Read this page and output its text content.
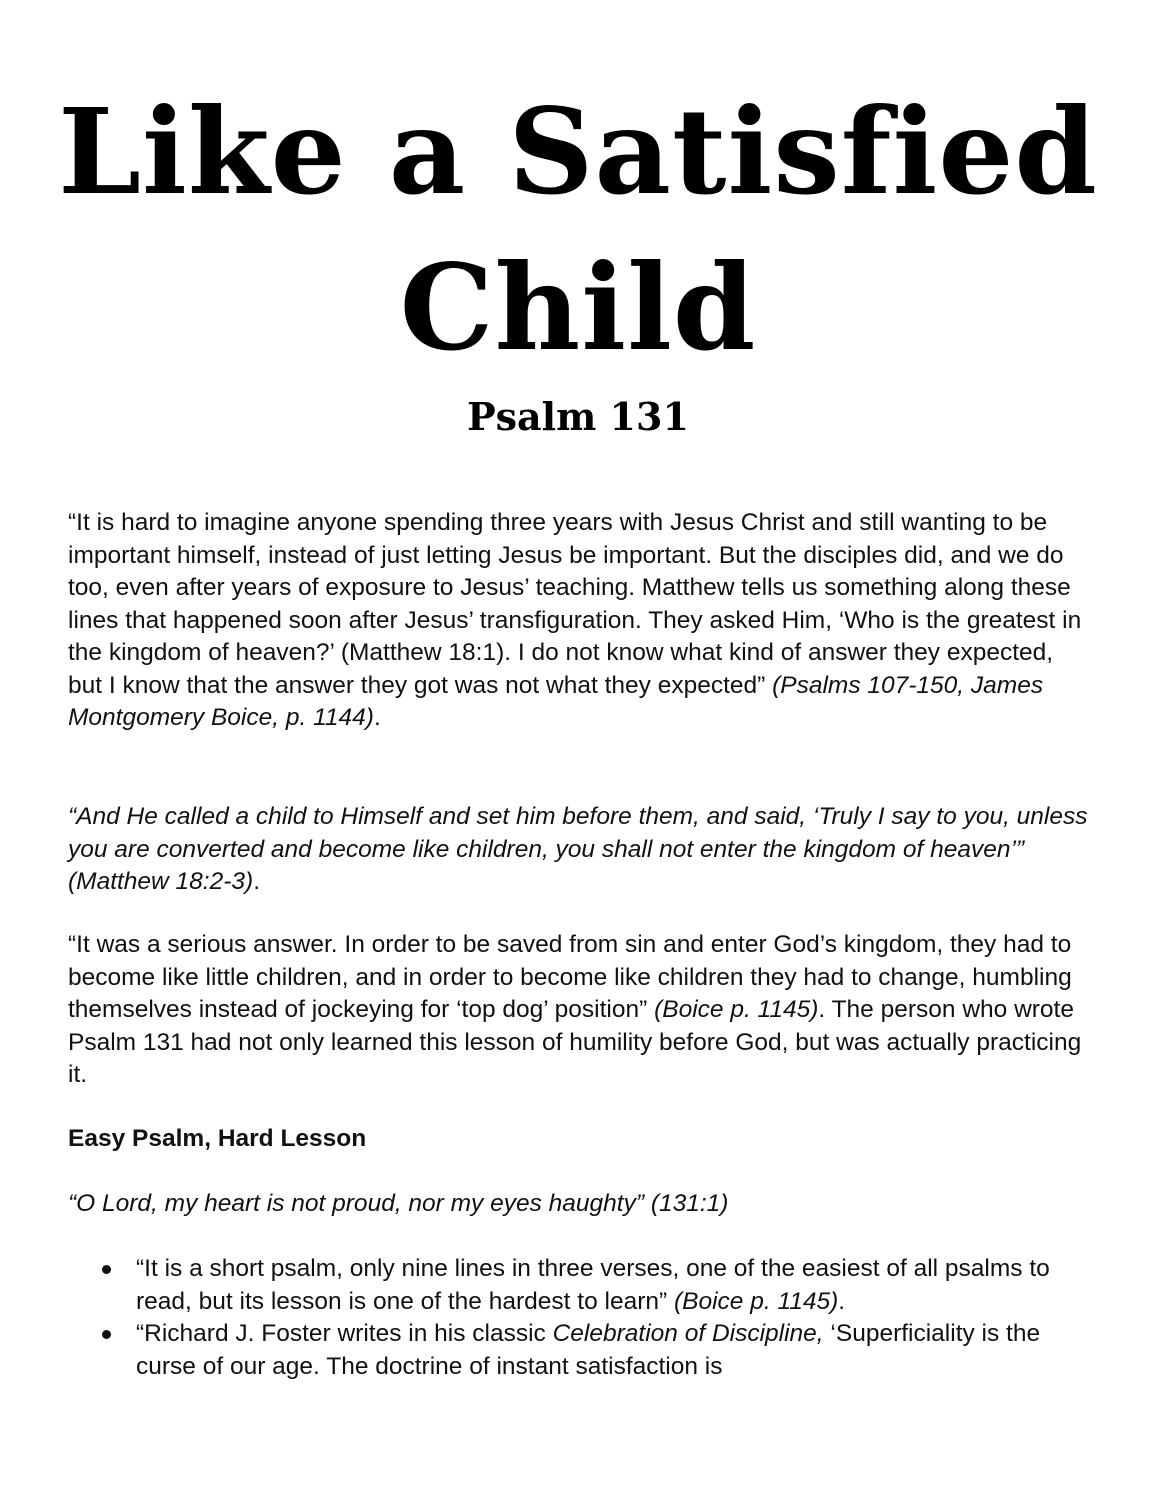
Like a Satisfied
Child
Psalm 131

“It is hard to imagine anyone spending three years with Jesus Christ and still wanting to be important himself, instead of just letting Jesus be important. But the disciples did, and we do too, even after years of exposure to Jesus’ teaching. Matthew tells us something along these lines that happened soon after Jesus’ transfiguration. They asked Him, ‘Who is the greatest in the kingdom of heaven?’ (Matthew 18:1). I do not know what kind of answer they expected, but I know that the answer they got was not what they expected” (Psalms 107-150, James Montgomery Boice, p. 1144).

“And He called a child to Himself and set him before them, and said, ‘Truly I say to you, unless you are converted and become like children, you shall not enter the kingdom of heaven’” (Matthew 18:2-3).

“It was a serious answer. In order to be saved from sin and enter God’s kingdom, they had to become like little children, and in order to become like children they had to change, humbling themselves instead of jockeying for ‘top dog’ position” (Boice p. 1145). The person who wrote Psalm 131 had not only learned this lesson of humility before God, but was actually practicing it.

Easy Psalm, Hard Lesson

“O Lord, my heart is not proud, nor my eyes haughty” (131:1)

“It is a short psalm, only nine lines in three verses, one of the easiest of all psalms to read, but its lesson is one of the hardest to learn” (Boice p. 1145).
“Richard J. Foster writes in his classic Celebration of Discipline, ‘Superficiality is the curse of our age. The doctrine of instant satisfaction is
